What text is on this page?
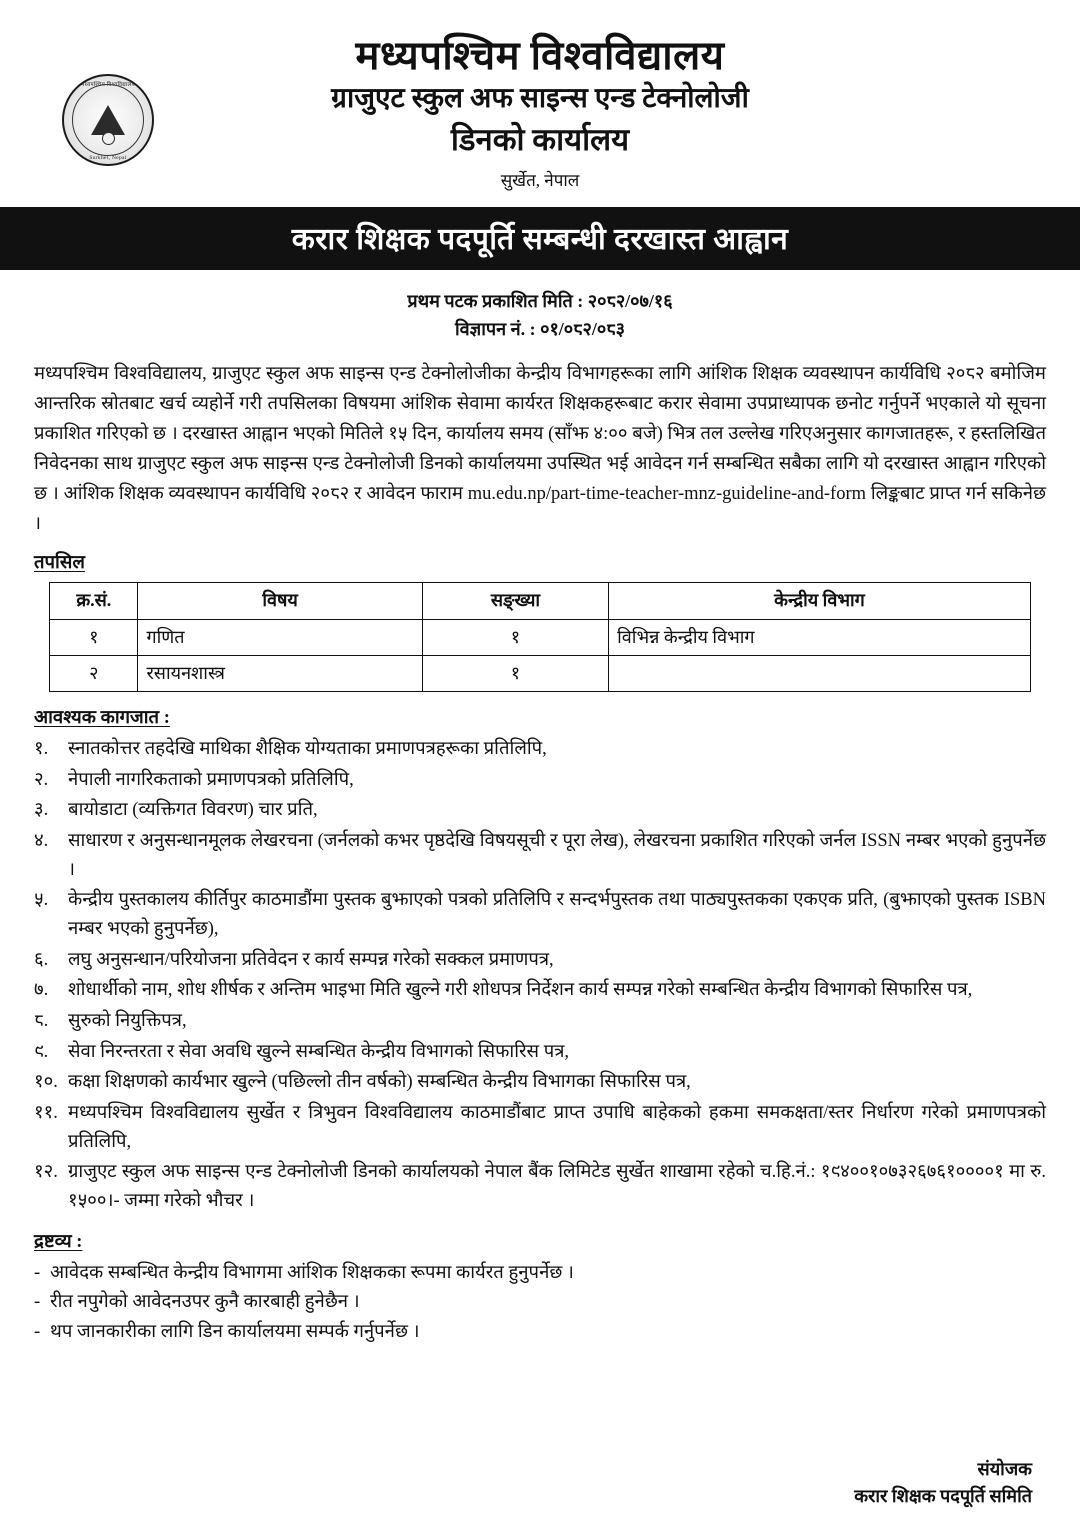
मध्यपश्चिम विश्वविद्यालय
Surkhet, Nepal
मध्यपश्चिम विश्वविद्यालय
ग्राजुएट स्कुल अफ साइन्स एन्ड टेक्नोलोजी
डिनको कार्यालय
सुर्खेत, नेपाल
करार शिक्षक पदपूर्ति सम्बन्धी दरखास्त आह्वान
प्रथम पटक प्रकाशित मिति : २०८२/०७/१६
विज्ञापन नं. : ०१/०८२/०८३
मध्यपश्चिम विश्वविद्यालय, ग्राजुएट स्कुल अफ साइन्स एन्ड टेक्नोलोजीका केन्द्रीय विभागहरूका लागि आंशिक शिक्षक व्यवस्थापन कार्यविधि २०८२ बमोजिम आन्तरिक स्रोतबाट खर्च व्यहोर्ने गरी तपसिलका विषयमा आंशिक सेवामा कार्यरत शिक्षकहरूबाट करार सेवामा उपप्राध्यापक छनोट गर्नुपर्ने भएकाले यो सूचना प्रकाशित गरिएको छ । दरखास्त आह्वान भएको मितिले १५ दिन, कार्यालय समय (साँझ ४:०० बजे) भित्र तल उल्लेख गरिएअनुसार कागजातहरू, र हस्तलिखित निवेदनका साथ ग्राजुएट स्कुल अफ साइन्स एन्ड टेक्नोलोजी डिनको कार्यालयमा उपस्थित भई आवेदन गर्न सम्बन्धित सबैका लागि यो दरखास्त आह्वान गरिएको छ । आंशिक शिक्षक व्यवस्थापन कार्यविधि २०८२ र आवेदन फाराम mu.edu.np/part-time-teacher-mnz-guideline-and-form लिङ्कबाट प्राप्त गर्न सकिनेछ ।
तपसिल
क्र.सं.	विषय	सङ्ख्या	केन्द्रीय विभाग
१	गणित	१	विभिन्न केन्द्रीय विभाग
२	रसायनशास्त्र	१	
आवश्यक कागजात :
१.	स्नातकोत्तर तहदेखि माथिका शैक्षिक योग्यताका प्रमाणपत्रहरूका प्रतिलिपि,
२.	नेपाली नागरिकताको प्रमाणपत्रको प्रतिलिपि,
३.	बायोडाटा (व्यक्तिगत विवरण) चार प्रति,
४.	साधारण र अनुसन्धानमूलक लेखरचना (जर्नलको कभर पृष्ठदेखि विषयसूची र पूरा लेख), लेखरचना प्रकाशित गरिएको जर्नल ISSN नम्बर भएको हुनुपर्नेछ ।
५.	केन्द्रीय पुस्तकालय कीर्तिपुर काठमाडौंमा पुस्तक बुझाएको पत्रको प्रतिलिपि र सन्दर्भपुस्तक तथा पाठ्यपुस्तकका एकएक प्रति, (बुझाएको पुस्तक ISBN नम्बर भएको हुनुपर्नेछ),
६.	लघु अनुसन्धान/परियोजना प्रतिवेदन र कार्य सम्पन्न गरेको सक्कल प्रमाणपत्र,
७.	शोधार्थीको नाम, शोध शीर्षक र अन्तिम भाइभा मिति खुल्ने गरी शोधपत्र निर्देशन कार्य सम्पन्न गरेको सम्बन्धित केन्द्रीय विभागको सिफारिस पत्र,
८.	सुरुको नियुक्तिपत्र,
९.	सेवा निरन्तरता र सेवा अवधि खुल्ने सम्बन्धित केन्द्रीय विभागको सिफारिस पत्र,
१०. कक्षा शिक्षणको कार्यभार खुल्ने (पछिल्लो तीन वर्षको) सम्बन्धित केन्द्रीय विभागका सिफारिस पत्र,
११. मध्यपश्चिम विश्वविद्यालय सुर्खेत र त्रिभुवन विश्वविद्यालय काठमाडौंबाट प्राप्त उपाधि बाहेकको हकमा समकक्षता/स्तर निर्धारण गरेको प्रमाणपत्रको प्रतिलिपि,
१२. ग्राजुएट स्कुल अफ साइन्स एन्ड टेक्नोलोजी डिनको कार्यालयको नेपाल बैंक लिमिटेड सुर्खेत शाखामा रहेको च.हि.नं.: १९४००१०७३२६७६१००००१ मा रु. १५००।- जम्मा गरेको भौचर ।
द्रष्टव्य :
- आवेदक सम्बन्धित केन्द्रीय विभागमा आंशिक शिक्षकका रूपमा कार्यरत हुनुपर्नेछ ।
- रीत नपुगेको आवेदनउपर कुनै कारबाही हुनेछैन ।
- थप जानकारीका लागि डिन कार्यालयमा सम्पर्क गर्नुपर्नेछ ।
संयोजक
करार शिक्षक पदपूर्ति समिति
